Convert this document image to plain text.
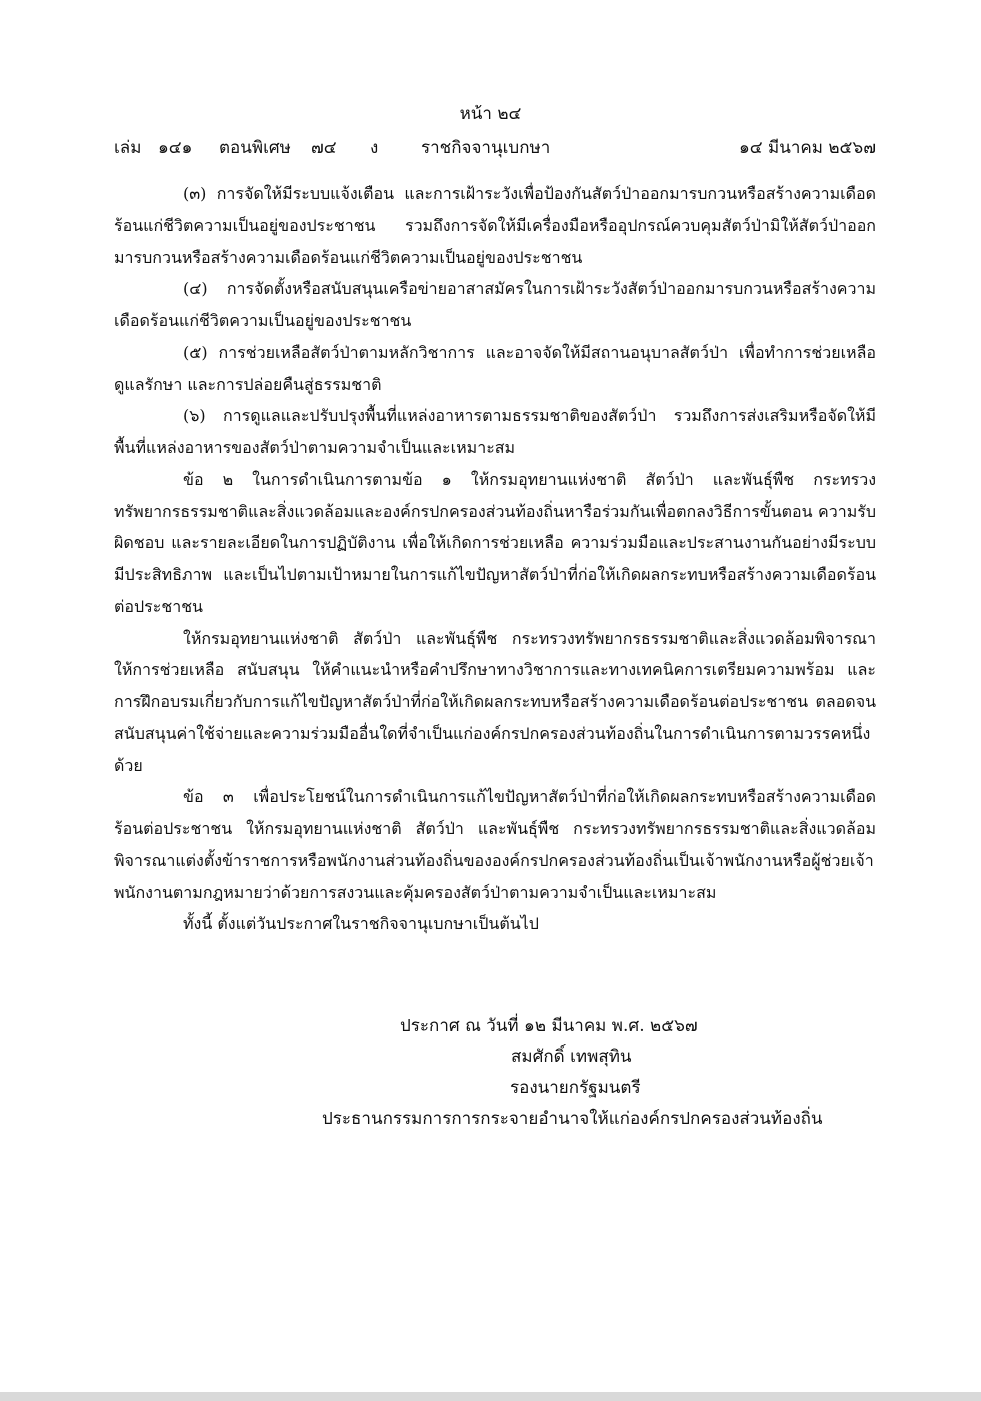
หน้า ๒๔
เล่ม ๑๔๑ ตอนพิเศษ ๗๔ ง	ราชกิจจานุเบกษา	๑๔ มีนาคม ๒๕๖๗

(๓) การจัดให้มีระบบแจ้งเตือน และการเฝ้าระวังเพื่อป้องกันสัตว์ป่าออกมารบกวนหรือสร้างความเดือดร้อนแก่ชีวิตความเป็นอยู่ของประชาชน รวมถึงการจัดให้มีเครื่องมือหรืออุปกรณ์ควบคุมสัตว์ป่ามิให้สัตว์ป่าออกมารบกวนหรือสร้างความเดือดร้อนแก่ชีวิตความเป็นอยู่ของประชาชน

(๔) การจัดตั้งหรือสนับสนุนเครือข่ายอาสาสมัครในการเฝ้าระวังสัตว์ป่าออกมารบกวนหรือสร้างความเดือดร้อนแก่ชีวิตความเป็นอยู่ของประชาชน

(๕) การช่วยเหลือสัตว์ป่าตามหลักวิชาการ และอาจจัดให้มีสถานอนุบาลสัตว์ป่า เพื่อทำการช่วยเหลือดูแลรักษา และการปล่อยคืนสู่ธรรมชาติ

(๖) การดูแลและปรับปรุงพื้นที่แหล่งอาหารตามธรรมชาติของสัตว์ป่า รวมถึงการส่งเสริมหรือจัดให้มีพื้นที่แหล่งอาหารของสัตว์ป่าตามความจำเป็นและเหมาะสม

ข้อ ๒ ในการดำเนินการตามข้อ ๑ ให้กรมอุทยานแห่งชาติ สัตว์ป่า และพันธุ์พืช กระทรวงทรัพยากรธรรมชาติและสิ่งแวดล้อมและองค์กรปกครองส่วนท้องถิ่นหารือร่วมกันเพื่อตกลงวิธีการขั้นตอน ความรับผิดชอบ และรายละเอียดในการปฏิบัติงาน เพื่อให้เกิดการช่วยเหลือ ความร่วมมือและประสานงานกันอย่างมีระบบ มีประสิทธิภาพ และเป็นไปตามเป้าหมายในการแก้ไขปัญหาสัตว์ป่าที่ก่อให้เกิดผลกระทบหรือสร้างความเดือดร้อนต่อประชาชน

ให้กรมอุทยานแห่งชาติ สัตว์ป่า และพันธุ์พืช กระทรวงทรัพยากรธรรมชาติและสิ่งแวดล้อมพิจารณาให้การช่วยเหลือ สนับสนุน ให้คำแนะนำหรือคำปรึกษาทางวิชาการและทางเทคนิคการเตรียมความพร้อม และการฝึกอบรมเกี่ยวกับการแก้ไขปัญหาสัตว์ป่าที่ก่อให้เกิดผลกระทบหรือสร้างความเดือดร้อนต่อประชาชน ตลอดจนสนับสนุนค่าใช้จ่ายและความร่วมมืออื่นใดที่จำเป็นแก่องค์กรปกครองส่วนท้องถิ่นในการดำเนินการตามวรรคหนึ่งด้วย

ข้อ ๓ เพื่อประโยชน์ในการดำเนินการแก้ไขปัญหาสัตว์ป่าที่ก่อให้เกิดผลกระทบหรือสร้างความเดือดร้อนต่อประชาชน ให้กรมอุทยานแห่งชาติ สัตว์ป่า และพันธุ์พืช กระทรวงทรัพยากรธรรมชาติและสิ่งแวดล้อม พิจารณาแต่งตั้งข้าราชการหรือพนักงานส่วนท้องถิ่นขององค์กรปกครองส่วนท้องถิ่นเป็นเจ้าพนักงานหรือผู้ช่วยเจ้าพนักงานตามกฎหมายว่าด้วยการสงวนและคุ้มครองสัตว์ป่าตามความจำเป็นและเหมาะสม

ทั้งนี้ ตั้งแต่วันประกาศในราชกิจจานุเบกษาเป็นต้นไป

ประกาศ ณ วันที่ ๑๒ มีนาคม พ.ศ. ๒๕๖๗
สมศักดิ์ เทพสุทิน
รองนายกรัฐมนตรี
ประธานกรรมการการกระจายอำนาจให้แก่องค์กรปกครองส่วนท้องถิ่น
